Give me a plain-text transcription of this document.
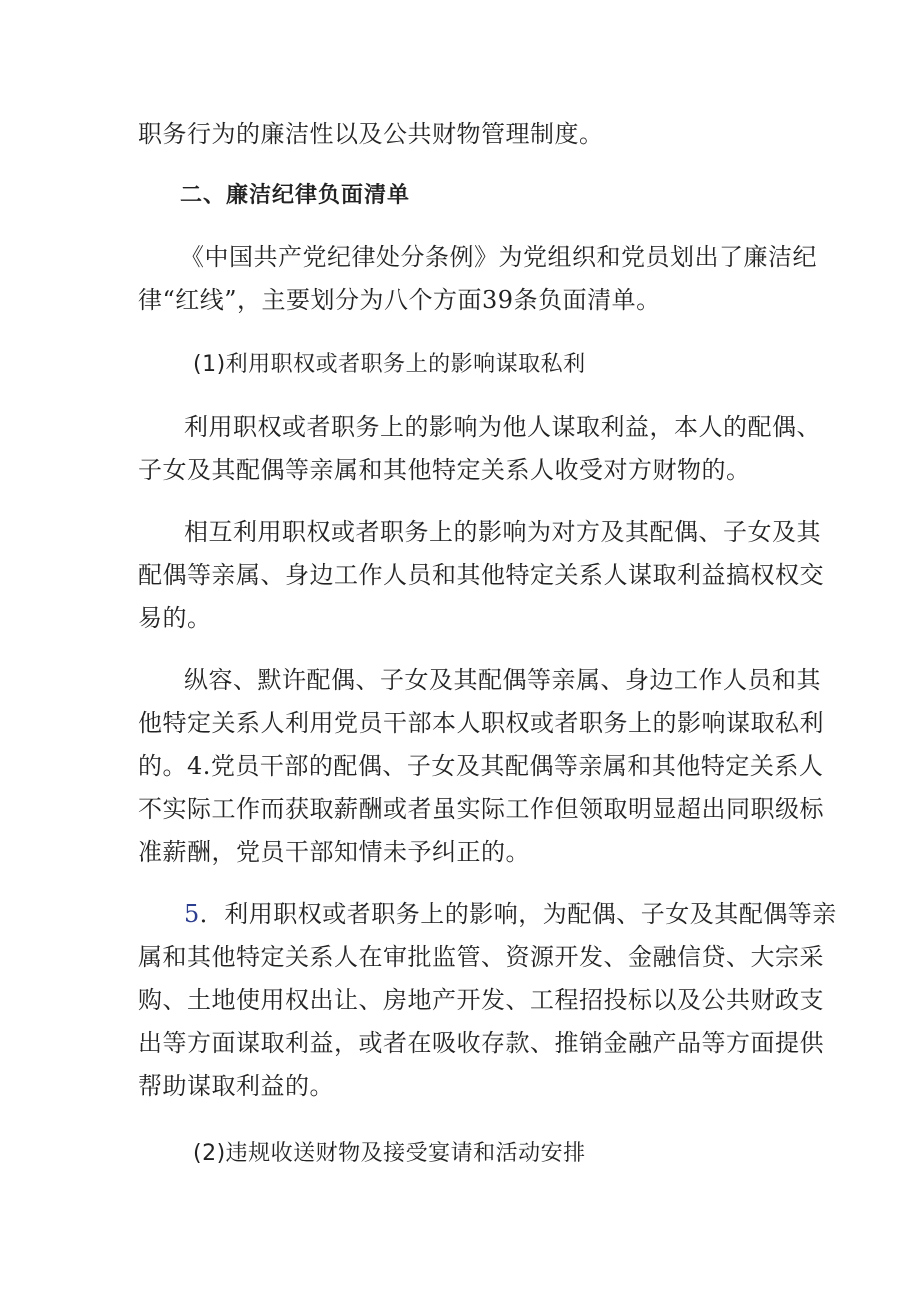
职务行为的廉洁性以及公共财物管理制度。
二、廉洁纪律负面清单
《中国共产党纪律处分条例》为党组织和党员划出了廉洁纪
律“红线”，主要划分为八个方面39条负面清单。
(1)利用职权或者职务上的影响谋取私利
利用职权或者职务上的影响为他人谋取利益，本人的配偶、
子女及其配偶等亲属和其他特定关系人收受对方财物的。
相互利用职权或者职务上的影响为对方及其配偶、子女及其
配偶等亲属、身边工作人员和其他特定关系人谋取利益搞权权交
易的。
纵容、默许配偶、子女及其配偶等亲属、身边工作人员和其
他特定关系人利用党员干部本人职权或者职务上的影响谋取私利
的。4.党员干部的配偶、子女及其配偶等亲属和其他特定关系人
不实际工作而获取薪酬或者虽实际工作但领取明显超出同职级标
准薪酬，党员干部知情未予纠正的。
5．利用职权或者职务上的影响，为配偶、子女及其配偶等亲
属和其他特定关系人在审批监管、资源开发、金融信贷、大宗采
购、土地使用权出让、房地产开发、工程招投标以及公共财政支
出等方面谋取利益，或者在吸收存款、推销金融产品等方面提供
帮助谋取利益的。
(2)违规收送财物及接受宴请和活动安排
